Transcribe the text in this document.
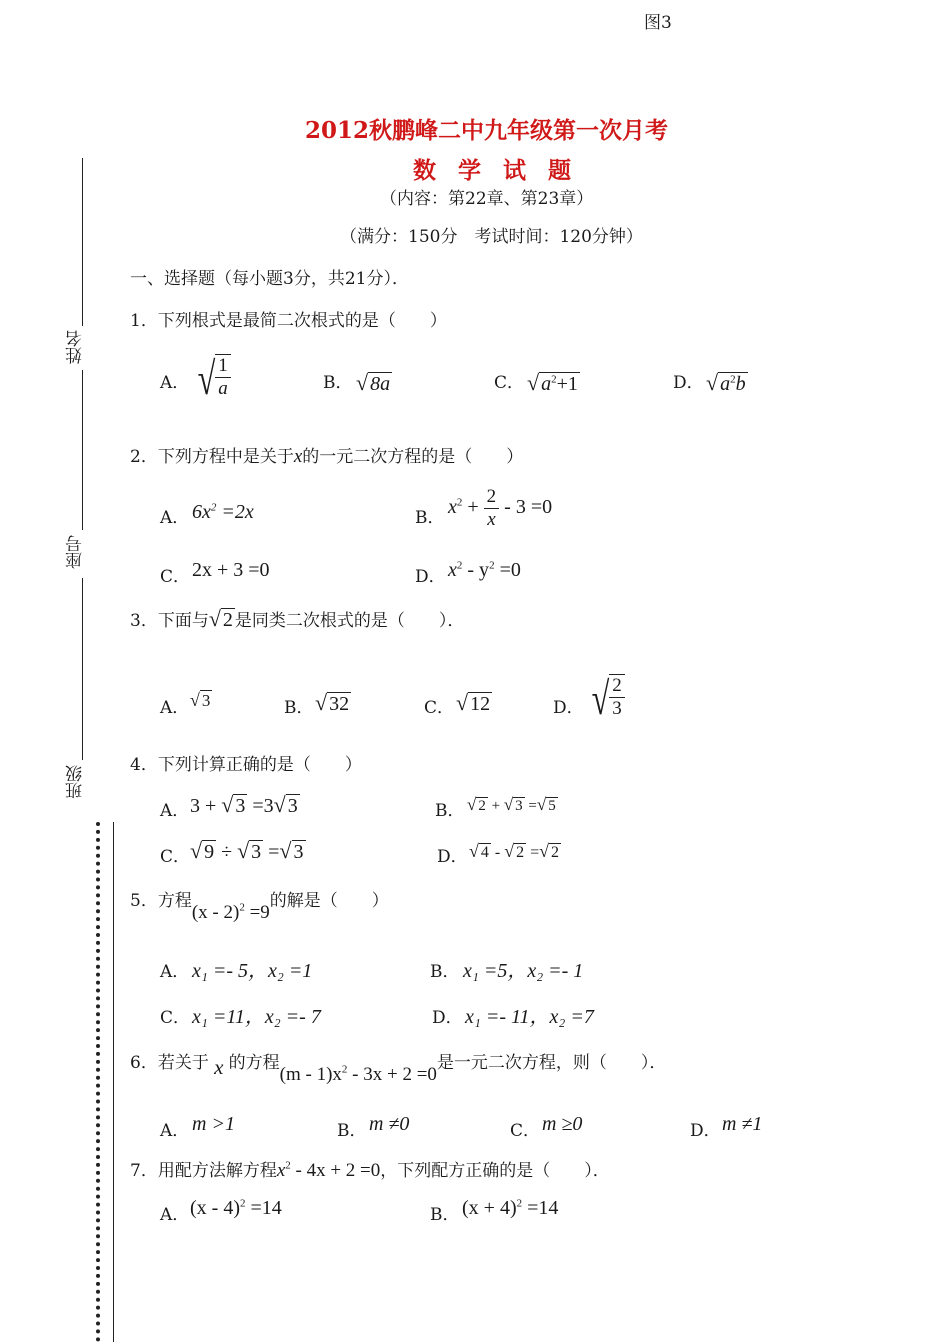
图3
2012秋鹏峰二中九年级第一次月考
数学试题
（内容：第22章、第23章）
（满分：150分　考试时间：120分钟）
姓名
座号
班级
一、选择题（每小题3分，共21分）．
1．下列根式是最简二次根式的是（　　）
A． √ $\frac{1}{a}$	B． √ 8a	C． √ $a^2+1$	D． √ $a^2b$
2．下列方程中是关于x的一元二次方程的是（　　）
A． $6x^2 =2x$	B． $x^2 + \frac{2}{x} - 3 =0$
C． 2x + 3 =0	D． $x^2 - y^2 =0$
3．下面与√ 2 是同类二次根式的是（　　）．
A． √ 3	B． √ 32	C． √ 12	D． √ $\frac{2}{3}$
4．下列计算正确的是（　　）
A． 3 + √ 3 =3√ 3	B． √ 2 + √ 3 =√ 5
C． √ 9 ÷ √ 3 =√ 3	D． √ 4 - √ 2 =√ 2
5．方程(x - 2)$^2$ =9的解是（　　）
A． x₁ =- 5，x₂ =1	B． x₁ =5，x₂ =- 1
C． x₁ =11，x₂ =- 7	D． x₁ =- 11，x₂ =7
6．若关于 x 的方程$(m - 1)x^2 - 3x + 2 =0$是一元二次方程，则（　　）．
A． m >1	B． m ≠0	C． m ≥0	D． m ≠1
7．用配方法解方程$x^2 - 4x + 2 =0$，下列配方正确的是（　　）．
A． (x - 4)$^2$ =14	B． $(x + 4)^2 =14$
